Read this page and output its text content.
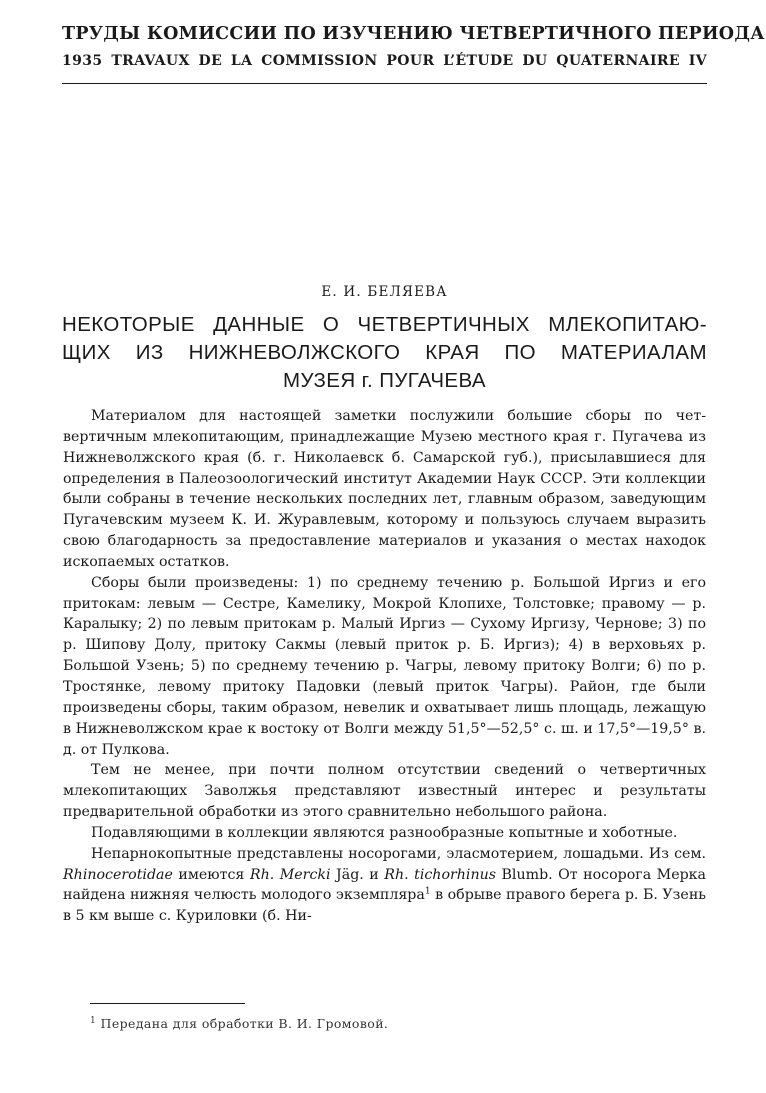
ТРУДЫ КОМИССИИ ПО ИЗУЧЕНИЮ ЧЕТВЕРТИЧНОГО ПЕРИОДА
1935 TRAVAUX DE LA COMMISSION POUR L’ÉTUDE DU QUATERNAIRE IV
Е. И. БЕЛЯЕВА
НЕКОТОРЫЕ ДАННЫЕ О ЧЕТВЕРТИЧНЫХ МЛЕКОПИТАЮ-
ЩИХ ИЗ НИЖНЕВОЛЖСКОГО КРАЯ ПО МАТЕРИАЛАМ
МУЗЕЯ г. ПУГАЧЕВА

Материалом для настоящей заметки послужили большие сборы по четвертичным млекопитающим, принадлежащие Музею местного края г. Пугачева из Нижневолжского края (б. г. Николаевск б. Самарской губ.), присылавшиеся для определения в Палеозоологический институт Академии Наук СССР. Эти коллекции были собраны в течение нескольких последних лет, главным образом, заведующим Пугачевским музеем К. И. Журавлевым, которому и пользуюсь случаем выразить свою благодарность за предоставление материалов и указания о местах находок ископаемых остатков.

Сборы были произведены: 1) по среднему течению р. Большой Иргиз и его притокам: левым — Сестре, Камелику, Мокрой Клопихе, Толстовке; правому — р. Каралыку; 2) по левым притокам р. Малый Иргиз — Сухому Иргизу, Черновe; 3) по р. Шипову Долу, притоку Сакмы (левый приток р. Б. Иргиз); 4) в верховьях р. Большой Узень; 5) по среднему течению р. Чагры, левому притоку Волги; 6) по р. Тростянке, левому притоку Падовки (левый приток Чагры). Район, где были произведены сборы, таким образом, невелик и охватывает лишь площадь, лежащую в Нижневолжском крае к востоку от Волги между 51,5°—52,5° с. ш. и 17,5°—19,5° в. д. от Пулкова.

Тем не менее, при почти полном отсутствии сведений о четвертичных млекопитающих Заволжья представляют известный интерес и результаты предварительной обработки из этого сравнительно небольшого района.

Подавляющими в коллекции являются разнообразные копытные и хоботные.

Непарнокопытные представлены носорогами, эласмотерием, лошадьми. Из сем. Rhinocerotidae имеются Rh. Mercki Jäg. и Rh. tichorhinus Blumb. От носорога Мерка найдена нижняя челюсть молодого экземпляра$^1$ в обрыве правого берега р. Б. Узень в 5 км выше с. Куриловки (б. Ни-

$^1$ Передана для обработки В. И. Громовой.
